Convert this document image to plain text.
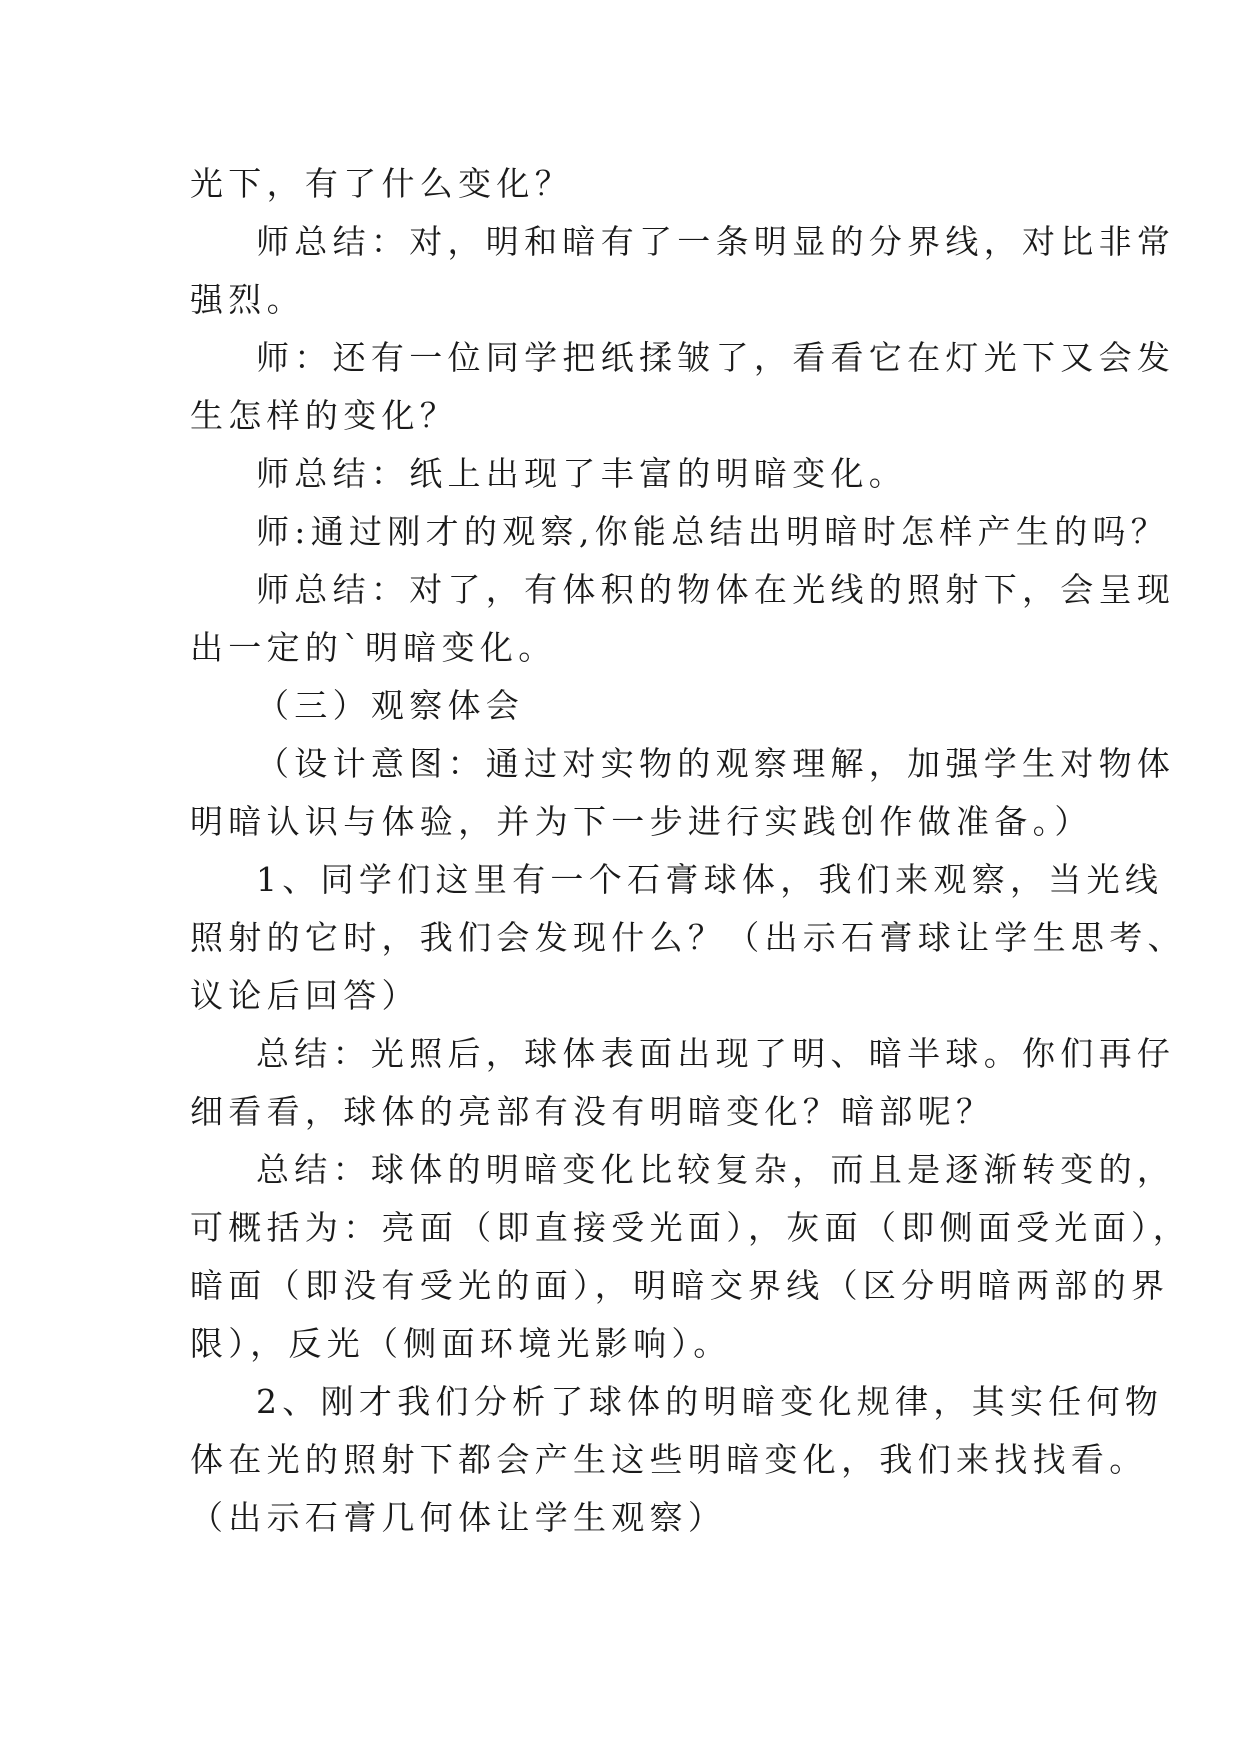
光下，有了什么变化？

师总结：对，明和暗有了一条明显的分界线，对比非常

强烈。

师：还有一位同学把纸揉皱了，看看它在灯光下又会发

生怎样的变化？

师总结：纸上出现了丰富的明暗变化。

师:通过刚才的观察,你能总结出明暗时怎样产生的吗？

师总结：对了，有体积的物体在光线的照射下，会呈现

出一定的`明暗变化。

（三）观察体会

（设计意图：通过对实物的观察理解，加强学生对物体

明暗认识与体验，并为下一步进行实践创作做准备。）

1、同学们这里有一个石膏球体，我们来观察，当光线

照射的它时，我们会发现什么？（出示石膏球让学生思考、

议论后回答）

总结：光照后，球体表面出现了明、暗半球。你们再仔

细看看，球体的亮部有没有明暗变化？暗部呢？

总结：球体的明暗变化比较复杂，而且是逐渐转变的，

可概括为：亮面（即直接受光面），灰面（即侧面受光面），

暗面（即没有受光的面），明暗交界线（区分明暗两部的界

限），反光（侧面环境光影响）。

2、刚才我们分析了球体的明暗变化规律，其实任何物

体在光的照射下都会产生这些明暗变化，我们来找找看。

（出示石膏几何体让学生观察）
